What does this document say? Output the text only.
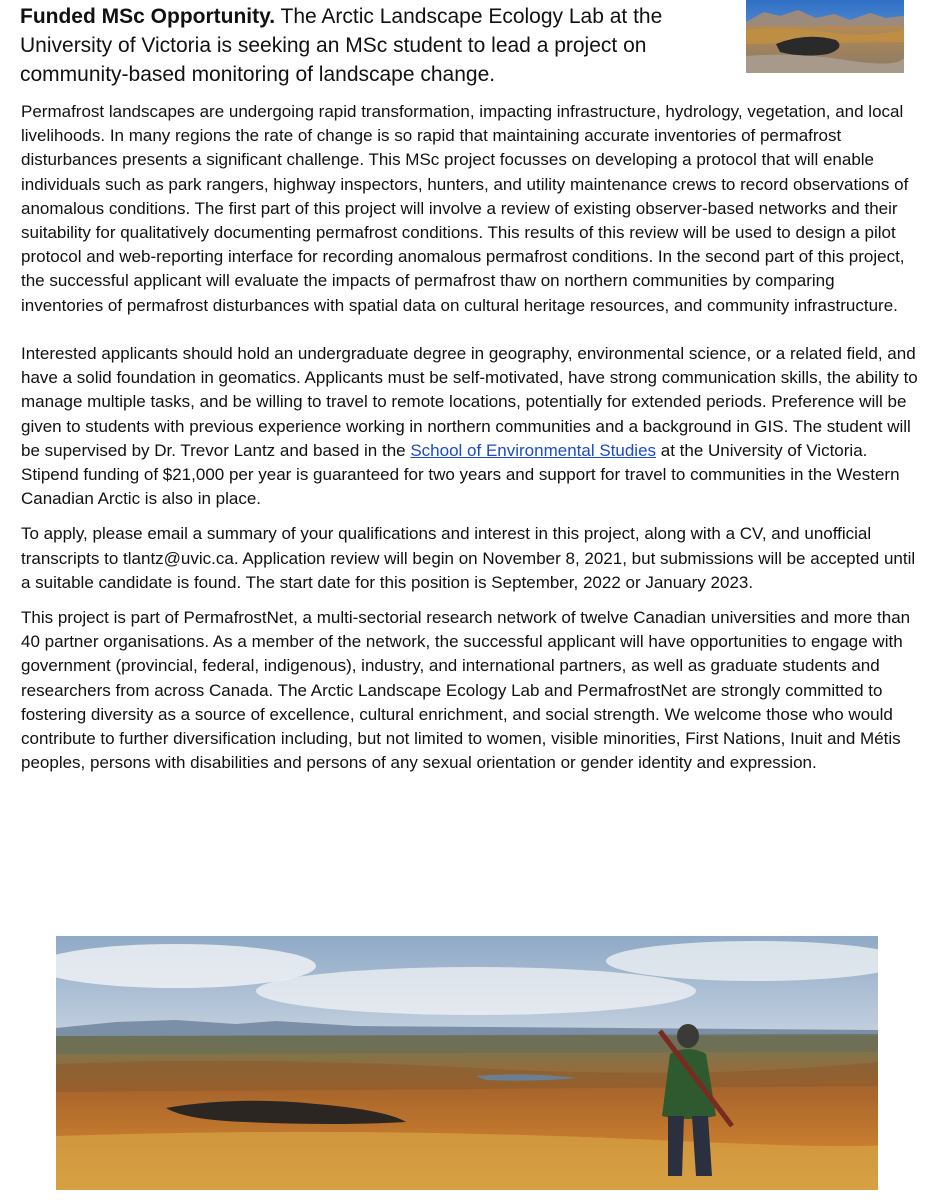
Funded MSc Opportunity. The Arctic Landscape Ecology Lab at the University of Victoria is seeking an MSc student to lead a project on community-based monitoring of landscape change.

Permafrost landscapes are undergoing rapid transformation, impacting infrastructure, hydrology, vegetation, and local livelihoods. In many regions the rate of change is so rapid that maintaining accurate inventories of permafrost disturbances presents a significant challenge. This MSc project focusses on developing a protocol that will enable individuals such as park rangers, highway inspectors, hunters, and utility maintenance crews to record observations of anomalous conditions. The first part of this project will involve a review of existing observer-based networks and their suitability for qualitatively documenting permafrost conditions. This results of this review will be used to design a pilot protocol and web-reporting interface for recording anomalous permafrost conditions. In the second part of this project, the successful applicant will evaluate the impacts of permafrost thaw on northern communities by comparing inventories of permafrost disturbances with spatial data on cultural heritage resources, and community infrastructure.

Interested applicants should hold an undergraduate degree in geography, environmental science, or a related field, and have a solid foundation in geomatics. Applicants must be self-motivated, have strong communication skills, the ability to manage multiple tasks, and be willing to travel to remote locations, potentially for extended periods. Preference will be given to students with previous experience working in northern communities and a background in GIS. The student will be supervised by Dr. Trevor Lantz and based in the School of Environmental Studies at the University of Victoria. Stipend funding of $21,000 per year is guaranteed for two years and support for travel to communities in the Western Canadian Arctic is also in place.

To apply, please email a summary of your qualifications and interest in this project, along with a CV, and unofficial transcripts to tlantz@uvic.ca. Application review will begin on November 8, 2021, but submissions will be accepted until a suitable candidate is found. The start date for this position is September, 2022 or January 2023.

This project is part of PermafrostNet, a multi-sectorial research network of twelve Canadian universities and more than 40 partner organisations. As a member of the network, the successful applicant will have opportunities to engage with government (provincial, federal, indigenous), industry, and international partners, as well as graduate students and researchers from across Canada. The Arctic Landscape Ecology Lab and PermafrostNet are strongly committed to fostering diversity as a source of excellence, cultural enrichment, and social strength. We welcome those who would contribute to further diversification including, but not limited to women, visible minorities, First Nations, Inuit and Métis peoples, persons with disabilities and persons of any sexual orientation or gender identity and expression.
